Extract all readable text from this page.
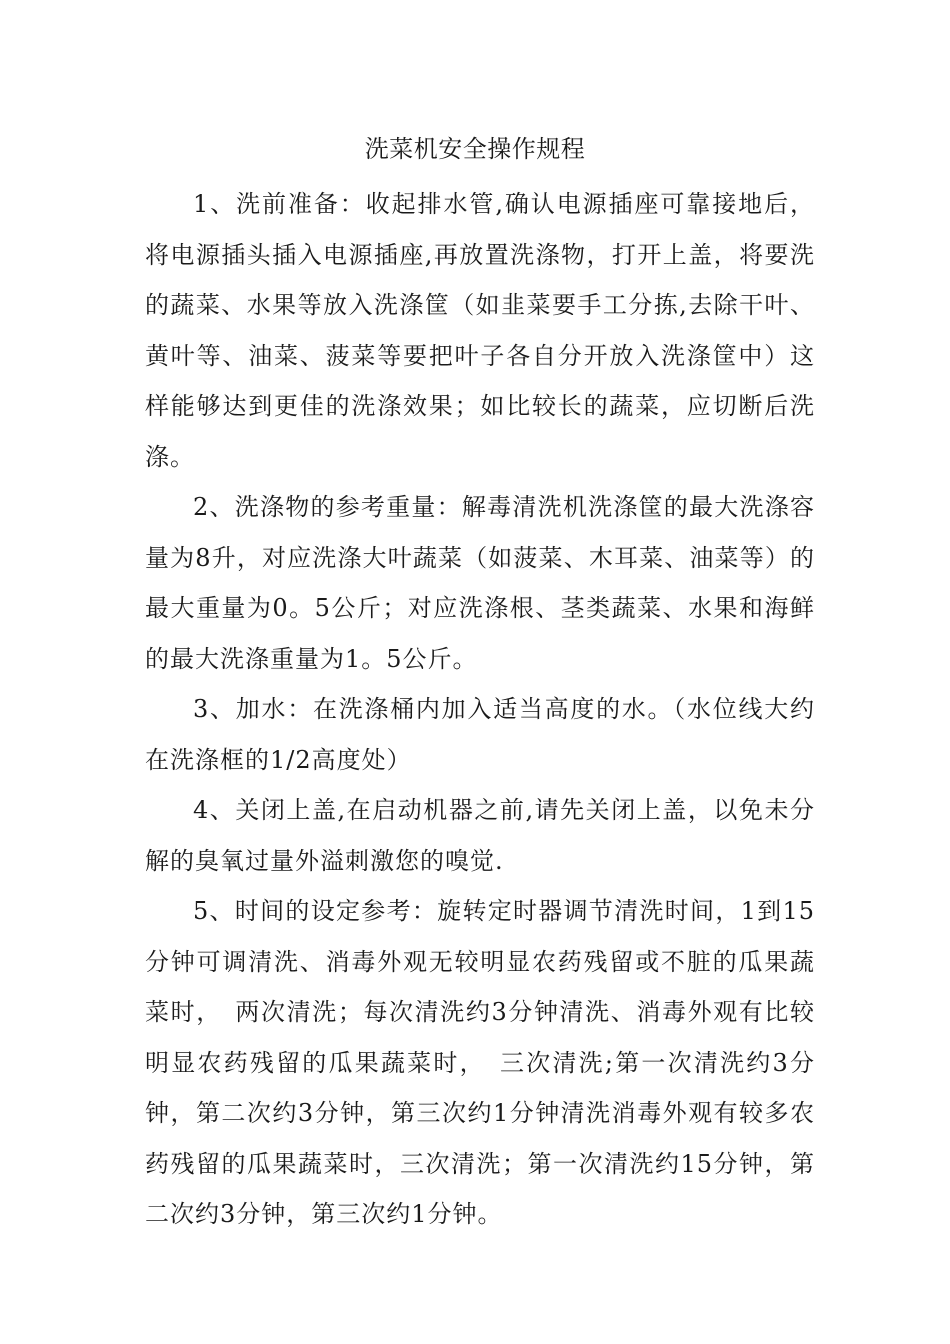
洗菜机安全操作规程

1、洗前准备：收起排水管,确认电源插座可靠接地后，将电源插头插入电源插座,再放置洗涤物，打开上盖，将要洗的蔬菜、水果等放入洗涤筐（如韭菜要手工分拣,去除干叶、黄叶等、油菜、菠菜等要把叶子各自分开放入洗涤筐中）这样能够达到更佳的洗涤效果；如比较长的蔬菜，应切断后洗涤。

2、洗涤物的参考重量：解毒清洗机洗涤筐的最大洗涤容量为8升，对应洗涤大叶蔬菜（如菠菜、木耳菜、油菜等）的最大重量为0。5公斤；对应洗涤根、茎类蔬菜、水果和海鲜的最大洗涤重量为1。5公斤。

3、加水：在洗涤桶内加入适当高度的水。（水位线大约在洗涤框的1/2高度处）

4、关闭上盖,在启动机器之前,请先关闭上盖，以免未分解的臭氧过量外溢刺激您的嗅觉.

5、时间的设定参考：旋转定时器调节清洗时间，1到15分钟可调清洗、消毒外观无较明显农药残留或不脏的瓜果蔬菜时，　两次清洗；每次清洗约3分钟清洗、消毒外观有比较明显农药残留的瓜果蔬菜时，　三次清洗;第一次清洗约3分钟，第二次约3分钟，第三次约1分钟清洗消毒外观有较多农药残留的瓜果蔬菜时，三次清洗；第一次清洗约15分钟，第二次约3分钟，第三次约1分钟。
